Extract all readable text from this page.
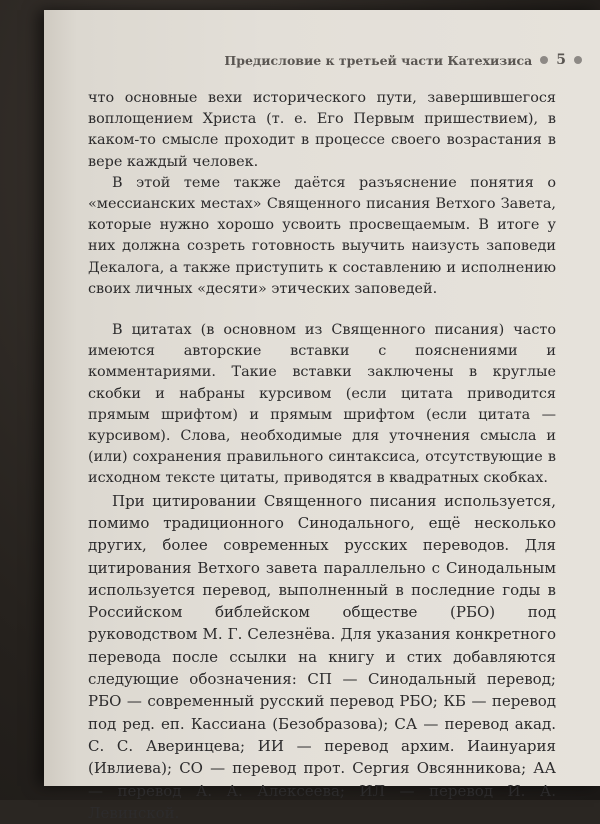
Предисловие к третьей части Катехизиса 5

что основные вехи исторического пути, завершившегося воплощением Христа (т. е. Его Первым пришествием), в каком-то смысле проходит в процессе своего возрастания в вере каждый человек.

В этой теме также даётся разъяснение понятия о «мессианских местах» Священного писания Ветхого Завета, которые нужно хорошо усвоить просвещаемым. В итоге у них должна созреть готовность выучить наизусть заповеди Декалога, а также приступить к составлению и исполнению своих личных «десяти» этических заповедей.

В цитатах (в основном из Священного писания) часто имеются авторские вставки с пояснениями и комментариями. Такие вставки заключены в круглые скобки и набраны курсивом (если цитата приводится прямым шрифтом) и прямым шрифтом (если цитата — курсивом). Слова, необходимые для уточнения смысла и (или) сохранения правильного синтаксиса, отсутствующие в исходном тексте цитаты, приводятся в квадратных скобках.

При цитировании Священного писания используется, помимо традиционного Синодального, ещё несколько других, более современных русских переводов. Для цитирования Ветхого завета параллельно с Синодальным используется перевод, выполненный в последние годы в Российском библейском обществе (РБО) под руководством М. Г. Селезнёва. Для указания конкретного перевода после ссылки на книгу и стих добавляются следующие обозначения: СП — Синодальный перевод; РБО — современный русский перевод РБО; КБ — перевод под ред. еп. Кассиана (Безобразова); СА — перевод акад. С. С. Аверинцева; ИИ — перевод архим. Иаинуария (Ивлиева); СО — перевод прот. Сергия Овсянникова; АА — перевод А. А. Алексеева; ИЛ — перевод И. А. Левинской.
